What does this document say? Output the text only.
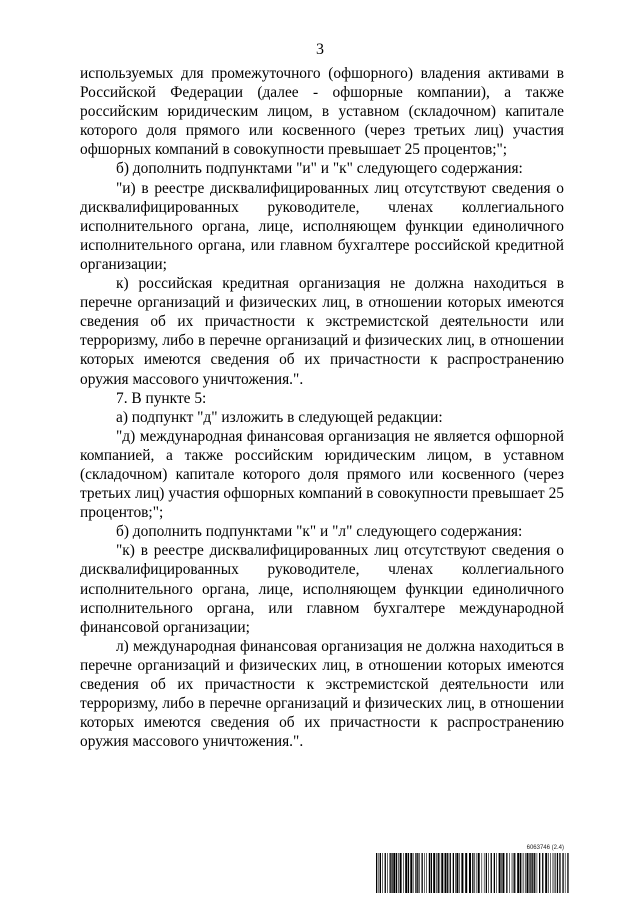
3

используемых для промежуточного (офшорного) владения активами в Российской Федерации (далее - офшорные компании), а также российским юридическим лицом, в уставном (складочном) капитале которого доля прямого или косвенного (через третьих лиц) участия офшорных компаний в совокупности превышает 25 процентов;";

б) дополнить подпунктами "и" и "к" следующего содержания:

"и) в реестре дисквалифицированных лиц отсутствуют сведения о дисквалифицированных руководителе, членах коллегиального исполнительного органа, лице, исполняющем функции единоличного исполнительного органа, или главном бухгалтере российской кредитной организации;

к) российская кредитная организация не должна находиться в перечне организаций и физических лиц, в отношении которых имеются сведения об их причастности к экстремистской деятельности или терроризму, либо в перечне организаций и физических лиц, в отношении которых имеются сведения об их причастности к распространению оружия массового уничтожения.".

7. В пункте 5:

а) подпункт "д" изложить в следующей редакции:

"д) международная финансовая организация не является офшорной компанией, а также российским юридическим лицом, в уставном (складочном) капитале которого доля прямого или косвенного (через третьих лиц) участия офшорных компаний в совокупности превышает 25 процентов;";

б) дополнить подпунктами "к" и "л" следующего содержания:

"к) в реестре дисквалифицированных лиц отсутствуют сведения о дисквалифицированных руководителе, членах коллегиального исполнительного органа, лице, исполняющем функции единоличного исполнительного органа, или главном бухгалтере международной финансовой организации;

л) международная финансовая организация не должна находиться в перечне организаций и физических лиц, в отношении которых имеются сведения об их причастности к экстремистской деятельности или терроризму, либо в перечне организаций и физических лиц, в отношении которых имеются сведения об их причастности к распространению оружия массового уничтожения.".

6063746 (2.4)
